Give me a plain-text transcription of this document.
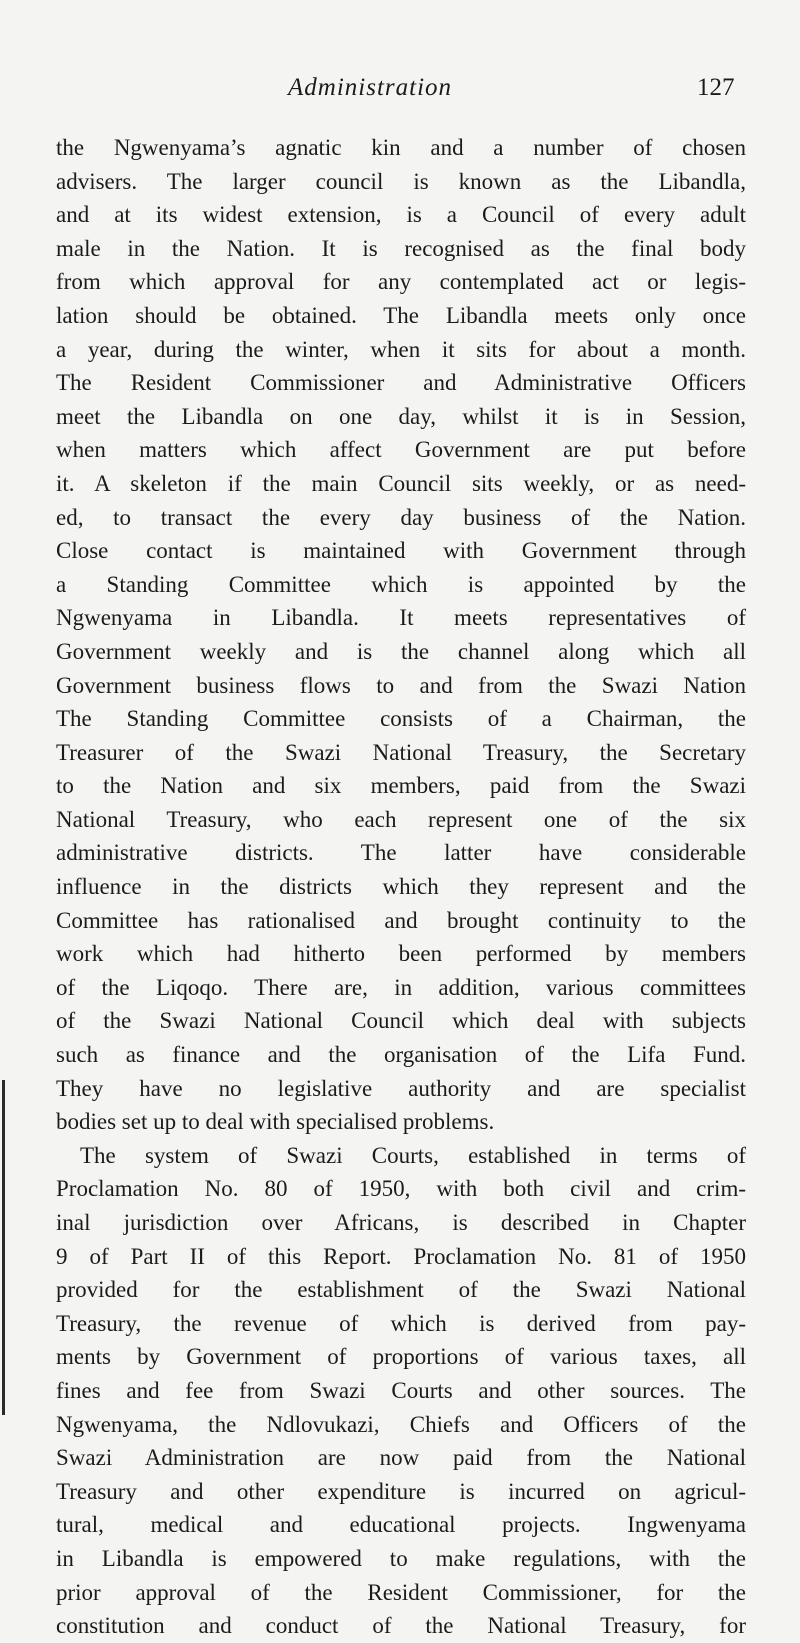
Administration	127
the Ngwenyama’s agnatic kin and a number of chosen
advisers. The larger council is known as the Libandla,
and at its widest extension, is a Council of every adult
male in the Nation. It is recognised as the final body
from which approval for any contemplated act or legis-
lation should be obtained. The Libandla meets only once
a year, during the winter, when it sits for about a month.
The Resident Commissioner and Administrative Officers
meet the Libandla on one day, whilst it is in Session,
when matters which affect Government are put before
it. A skeleton if the main Council sits weekly, or as need-
ed, to transact the every day business of the Nation.
Close contact is maintained with Government through
a Standing Committee which is appointed by the
Ngwenyama in Libandla. It meets representatives of
Government weekly and is the channel along which all
Government business flows to and from the Swazi Nation
The Standing Committee consists of a Chairman, the
Treasurer of the Swazi National Treasury, the Secretary
to the Nation and six members, paid from the Swazi
National Treasury, who each represent one of the six
administrative districts. The latter have considerable
influence in the districts which they represent and the
Committee has rationalised and brought continuity to the
work which had hitherto been performed by members
of the Liqoqo. There are, in addition, various committees
of the Swazi National Council which deal with subjects
such as finance and the organisation of the Lifa Fund.
They have no legislative authority and are specialist
bodies set up to deal with specialised problems.
The system of Swazi Courts, established in terms of
Proclamation No. 80 of 1950, with both civil and crim-
inal jurisdiction over Africans, is described in Chapter
9 of Part II of this Report. Proclamation No. 81 of 1950
provided for the establishment of the Swazi National
Treasury, the revenue of which is derived from pay-
ments by Government of proportions of various taxes, all
fines and fee from Swazi Courts and other sources. The
Ngwenyama, the Ndlovukazi, Chiefs and Officers of the
Swazi Administration are now paid from the National
Treasury and other expenditure is incurred on agricul-
tural, medical and educational projects. Ingwenyama
in Libandla is empowered to make regulations, with the
prior approval of the Resident Commissioner, for the
constitution and conduct of the National Treasury, for
